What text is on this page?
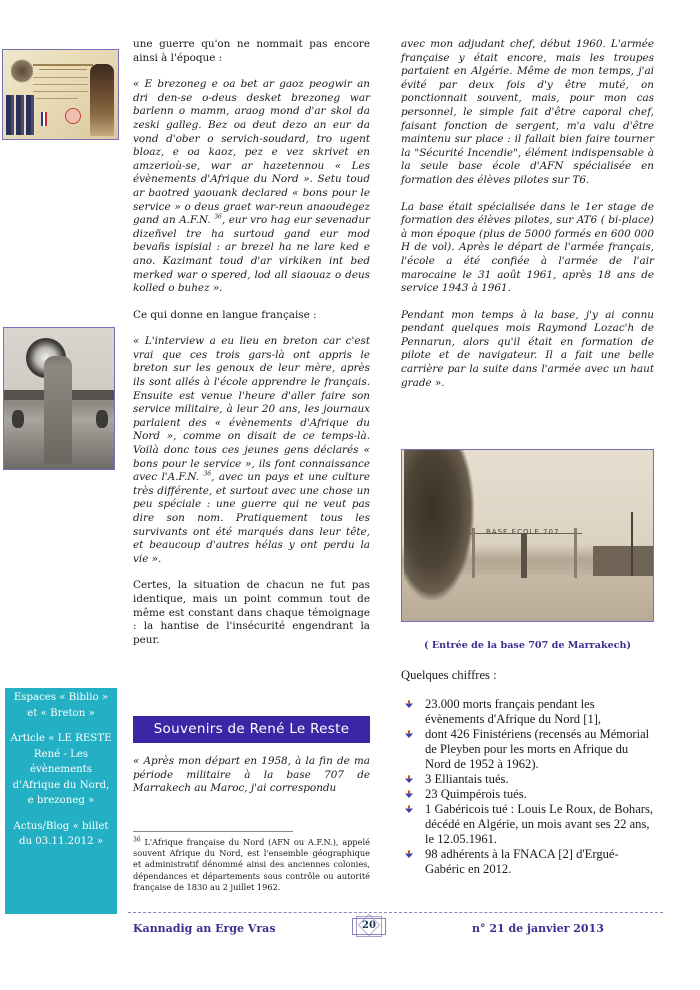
Espaces « Biblio » et « Breton »

Article « LE RESTE René - Les évènements d'Afrique du Nord, e brezoneg »

Actus/Blog « billet du 03.11.2012 »

une guerre qu'on ne nommait pas encore ainsi à l'époque :

« E brezoneg e oa bet ar gaoz peogwir an dri den-se o-deus desket brezoneg war barlenn o mamm, araog mond d'ar skol da zeski galleg. Bez oa deut dezo an eur da vond d'ober o servich-soudard, tro ugent bloaz, e oa kaoz, pez e vez skrivet en amzerioù-se, war ar hazetennou « Les évènements d'Afrique du Nord ». Setu toud ar baotred yaouank declared « bons pour le service » o deus graet war-reun anaoudegez gand an A.F.N. $^{36}$, eur vro hag eur sevenadur dizeñvel tre ha surtoud gand eur mod bevañs ispisial : ar brezel ha ne lare ked e ano. Kazimant toud d'ar virkiken int bed merked war o spered, lod all siaouaz o deus kolled o buhez ».

Ce qui donne en langue française :

« L'interview a eu lieu en breton car c'est vrai que ces trois gars-là ont appris le breton sur les genoux de leur mère, après ils sont allés à l'école apprendre le français. Ensuite est venue l'heure d'aller faire son service militaire, à leur 20 ans, les journaux parlaient des « évènements d'Afrique du Nord », comme on disait de ce temps-là. Voilà donc tous ces jeunes gens déclarés « bons pour le service », ils font connaissance avec l'A.F.N. $^{36}$, avec un pays et une culture très différente, et surtout avec une chose un peu spéciale : une guerre qui ne veut pas dire son nom. Pratiquement tous les survivants ont été marqués dans leur tête, et beaucoup d'autres hélas y ont perdu la vie ».

Certes, la situation de chacun ne fut pas identique, mais un point commun tout de même est constant dans chaque témoignage : la hantise de l'insécurité engendrant la peur.

Souvenirs de René Le Reste
« Après mon départ en 1958, à la fin de ma période militaire à la base 707 de Marrakech au Maroc, j'ai correspondu
$^{36}$ L'Afrique française du Nord (AFN ou A.F.N.), appelé souvent Afrique du Nord, est l'ensemble géographique et administratif dénommé ainsi des anciennes colonies, dépendances et départements sous contrôle ou autorité française de 1830 au 2 juillet 1962.

avec mon adjudant chef, début 1960. L'armée française y était encore, mais les troupes partaient en Algérie. Même de mon temps, j'ai évité par deux fois d'y être muté, on ponctionnait souvent, mais, pour mon cas personnel, le simple fait d'être caporal chef, faisant fonction de sergent, m'a valu d'être maintenu sur place : il fallait bien faire tourner la "Sécurité Incendie", élément indispensable à la seule base école d'AFN spécialisée en formation des élèves pilotes sur T6.

La base était spécialisée dans le 1er stage de formation des élèves pilotes, sur AT6 ( bi-place) à mon époque (plus de 5000 formés en 600 000 H de vol). Après le départ de l'armée français, l'école a été confiée à l'armée de l'air marocaine le 31 août 1961, après 18 ans de service 1943 à 1961.

Pendant mon temps à la base, j'y ai connu pendant quelques mois Raymond Lozac'h de Pennarun, alors qu'il était en formation de pilote et de navigateur. Il a fait une belle carrière par la suite dans l'armée avec un haut grade ».

BASE ECOLE 707
( Entrée de la base 707 de Marrakech)
Quelques chiffres :
23.000 morts français pendant les évènements d'Afrique du Nord [1],
dont 426 Finistériens (recensés au Mémorial de Pleyben pour les morts en Afrique du Nord de 1952 à 1962).
3 Elliantais tués.
23 Quimpérois tués.
1 Gabéricois tué : Louis Le Roux, de Bohars, décédé en Algérie, un mois avant ses 22 ans, le 12.05.1961.
98 adhérents à la FNACA [2] d'Ergué-Gabéric en 2012.
Kannadig an Erge Vras	20	n° 21 de janvier 2013
